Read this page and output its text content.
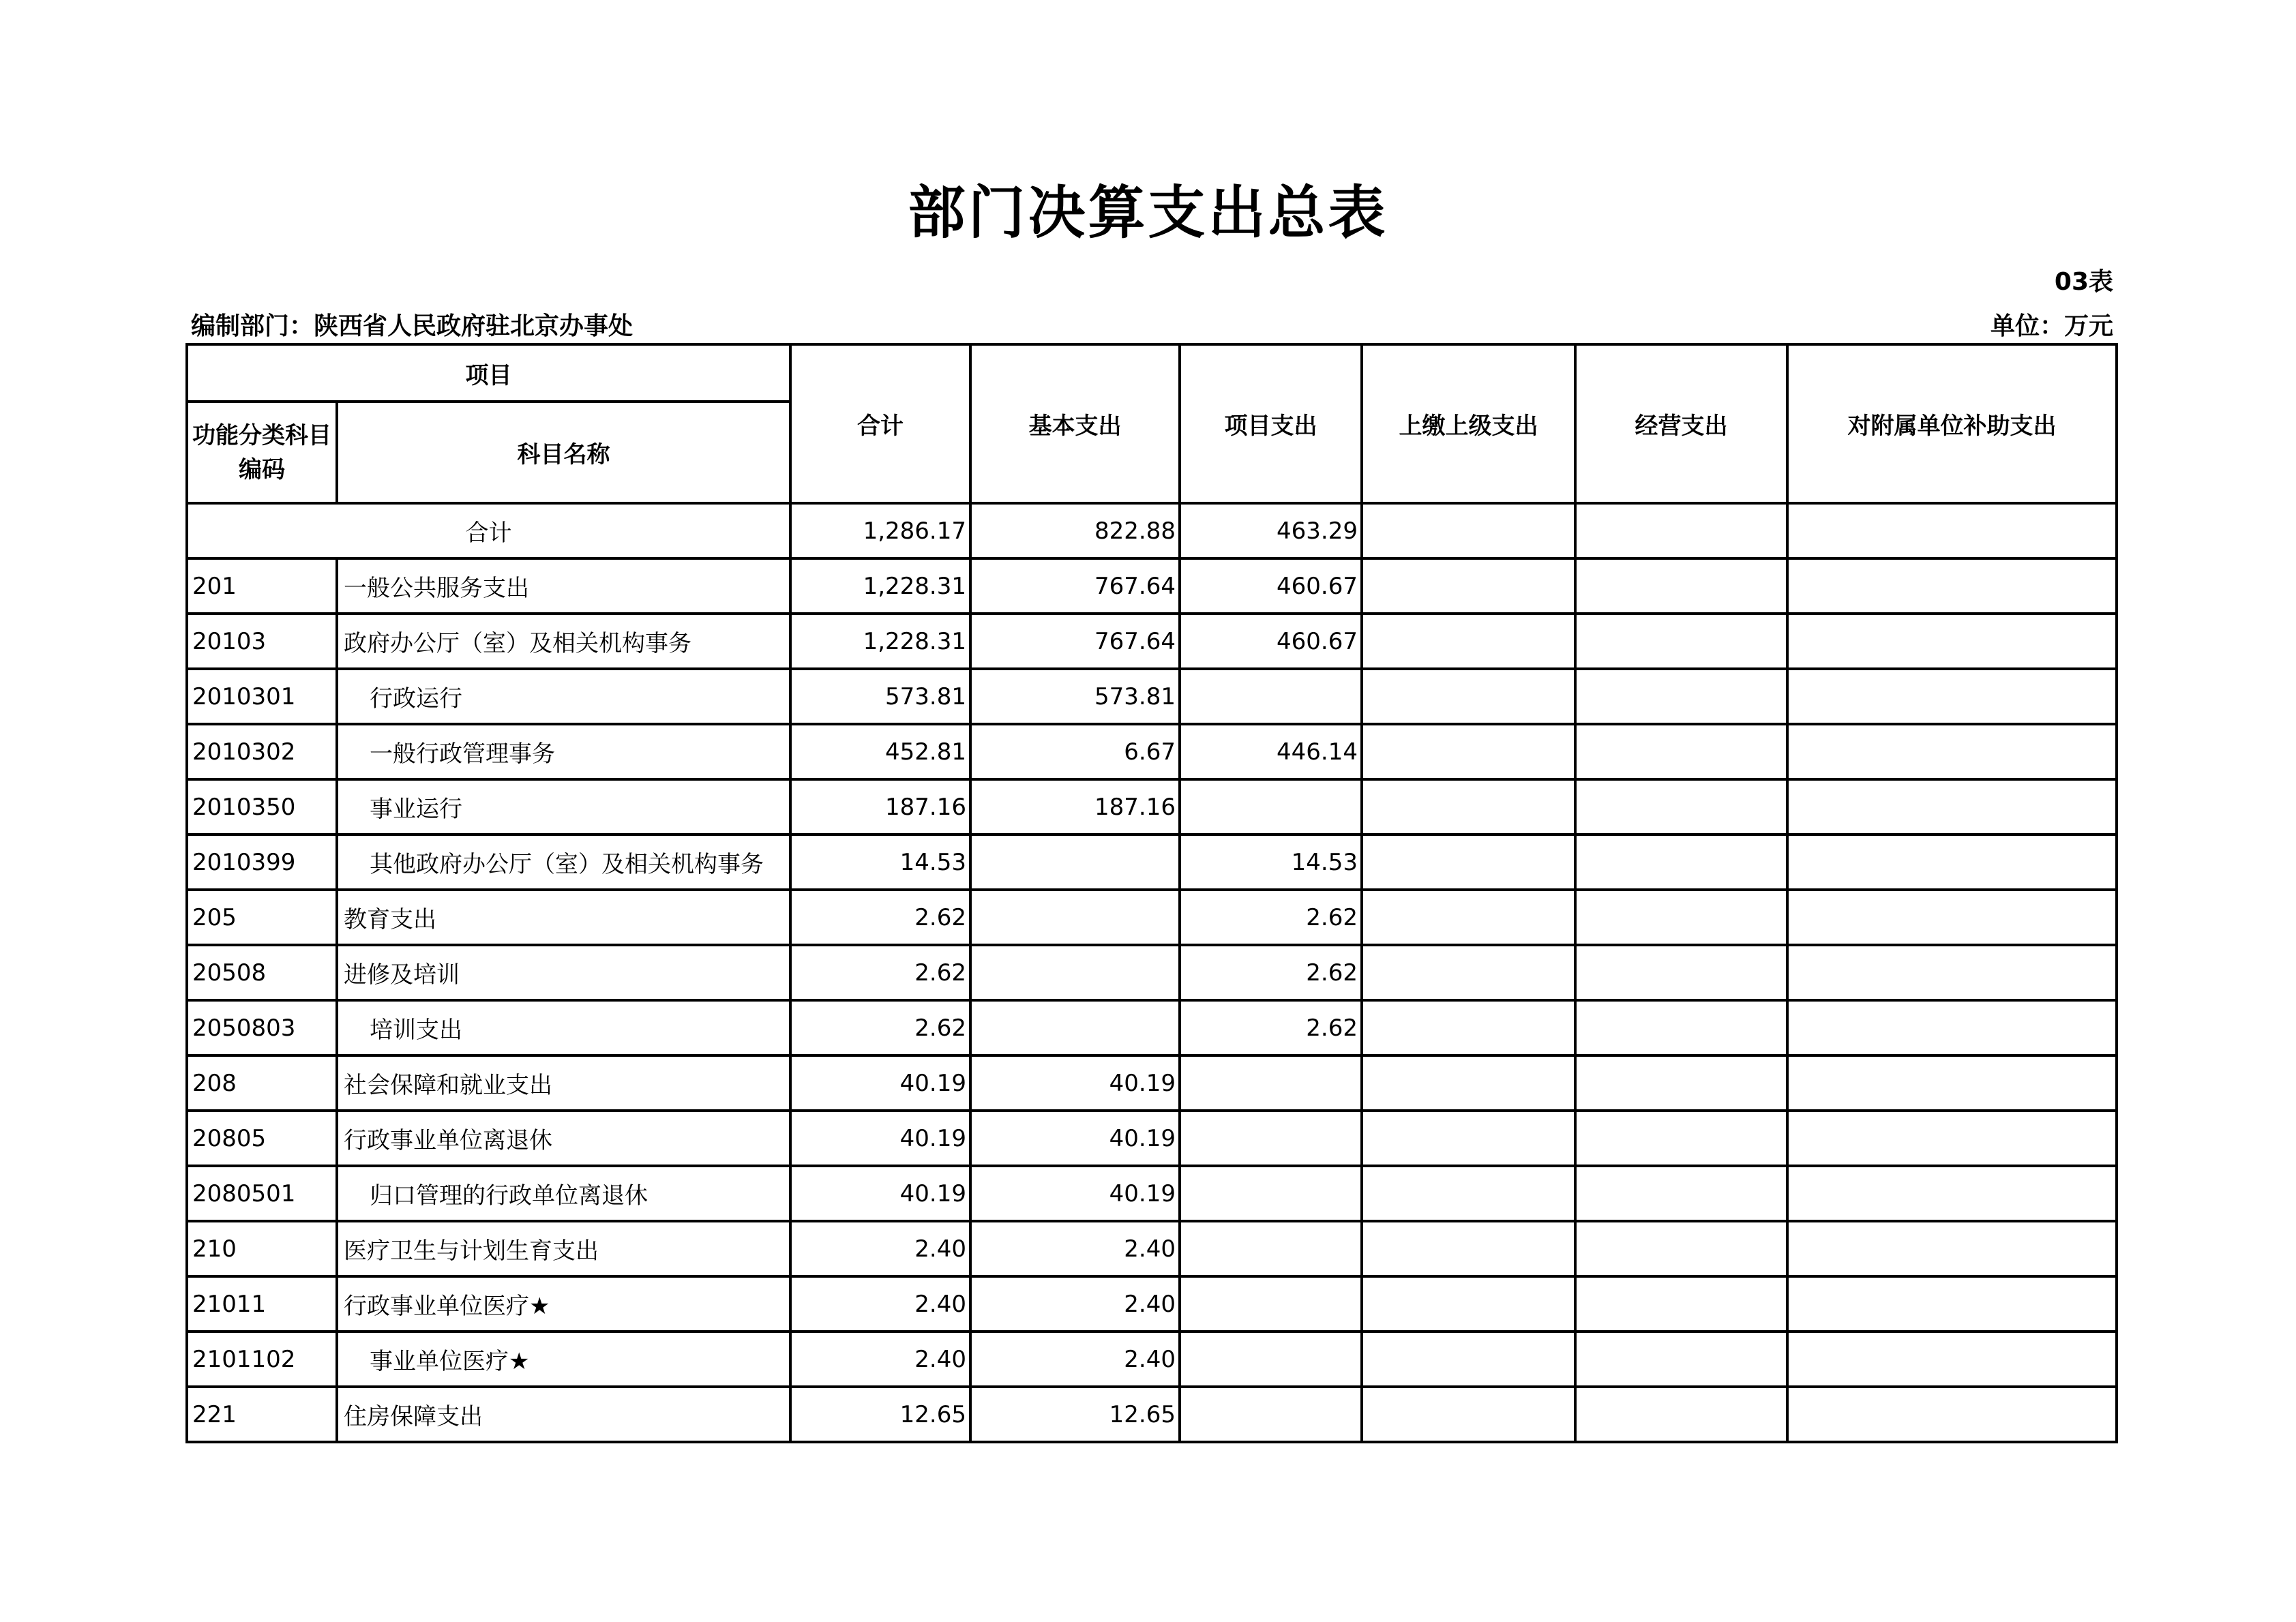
部门决算支出总表
03表
编制部门：陕西省人民政府驻北京办事处	单位：万元
项目		合计	基本支出	项目支出	上缴上级支出	经营支出	对附属单位补助支出
功能分类科目编码	科目名称						
合计		1,286.17	822.88	463.29			
201	一般公共服务支出	1,228.31	767.64	460.67			
20103	政府办公厅（室）及相关机构事务	1,228.31	767.64	460.67			
2010301	行政运行	573.81	573.81				
2010302	一般行政管理事务	452.81	6.67	446.14			
2010350	事业运行	187.16	187.16				
2010399	其他政府办公厅（室）及相关机构事务	14.53		14.53			
205	教育支出	2.62		2.62			
20508	进修及培训	2.62		2.62			
2050803	培训支出	2.62		2.62			
208	社会保障和就业支出	40.19	40.19				
20805	行政事业单位离退休	40.19	40.19				
2080501	归口管理的行政单位离退休	40.19	40.19				
210	医疗卫生与计划生育支出	2.40	2.40				
21011	行政事业单位医疗★	2.40	2.40				
2101102	事业单位医疗★	2.40	2.40				
221	住房保障支出	12.65	12.65				
